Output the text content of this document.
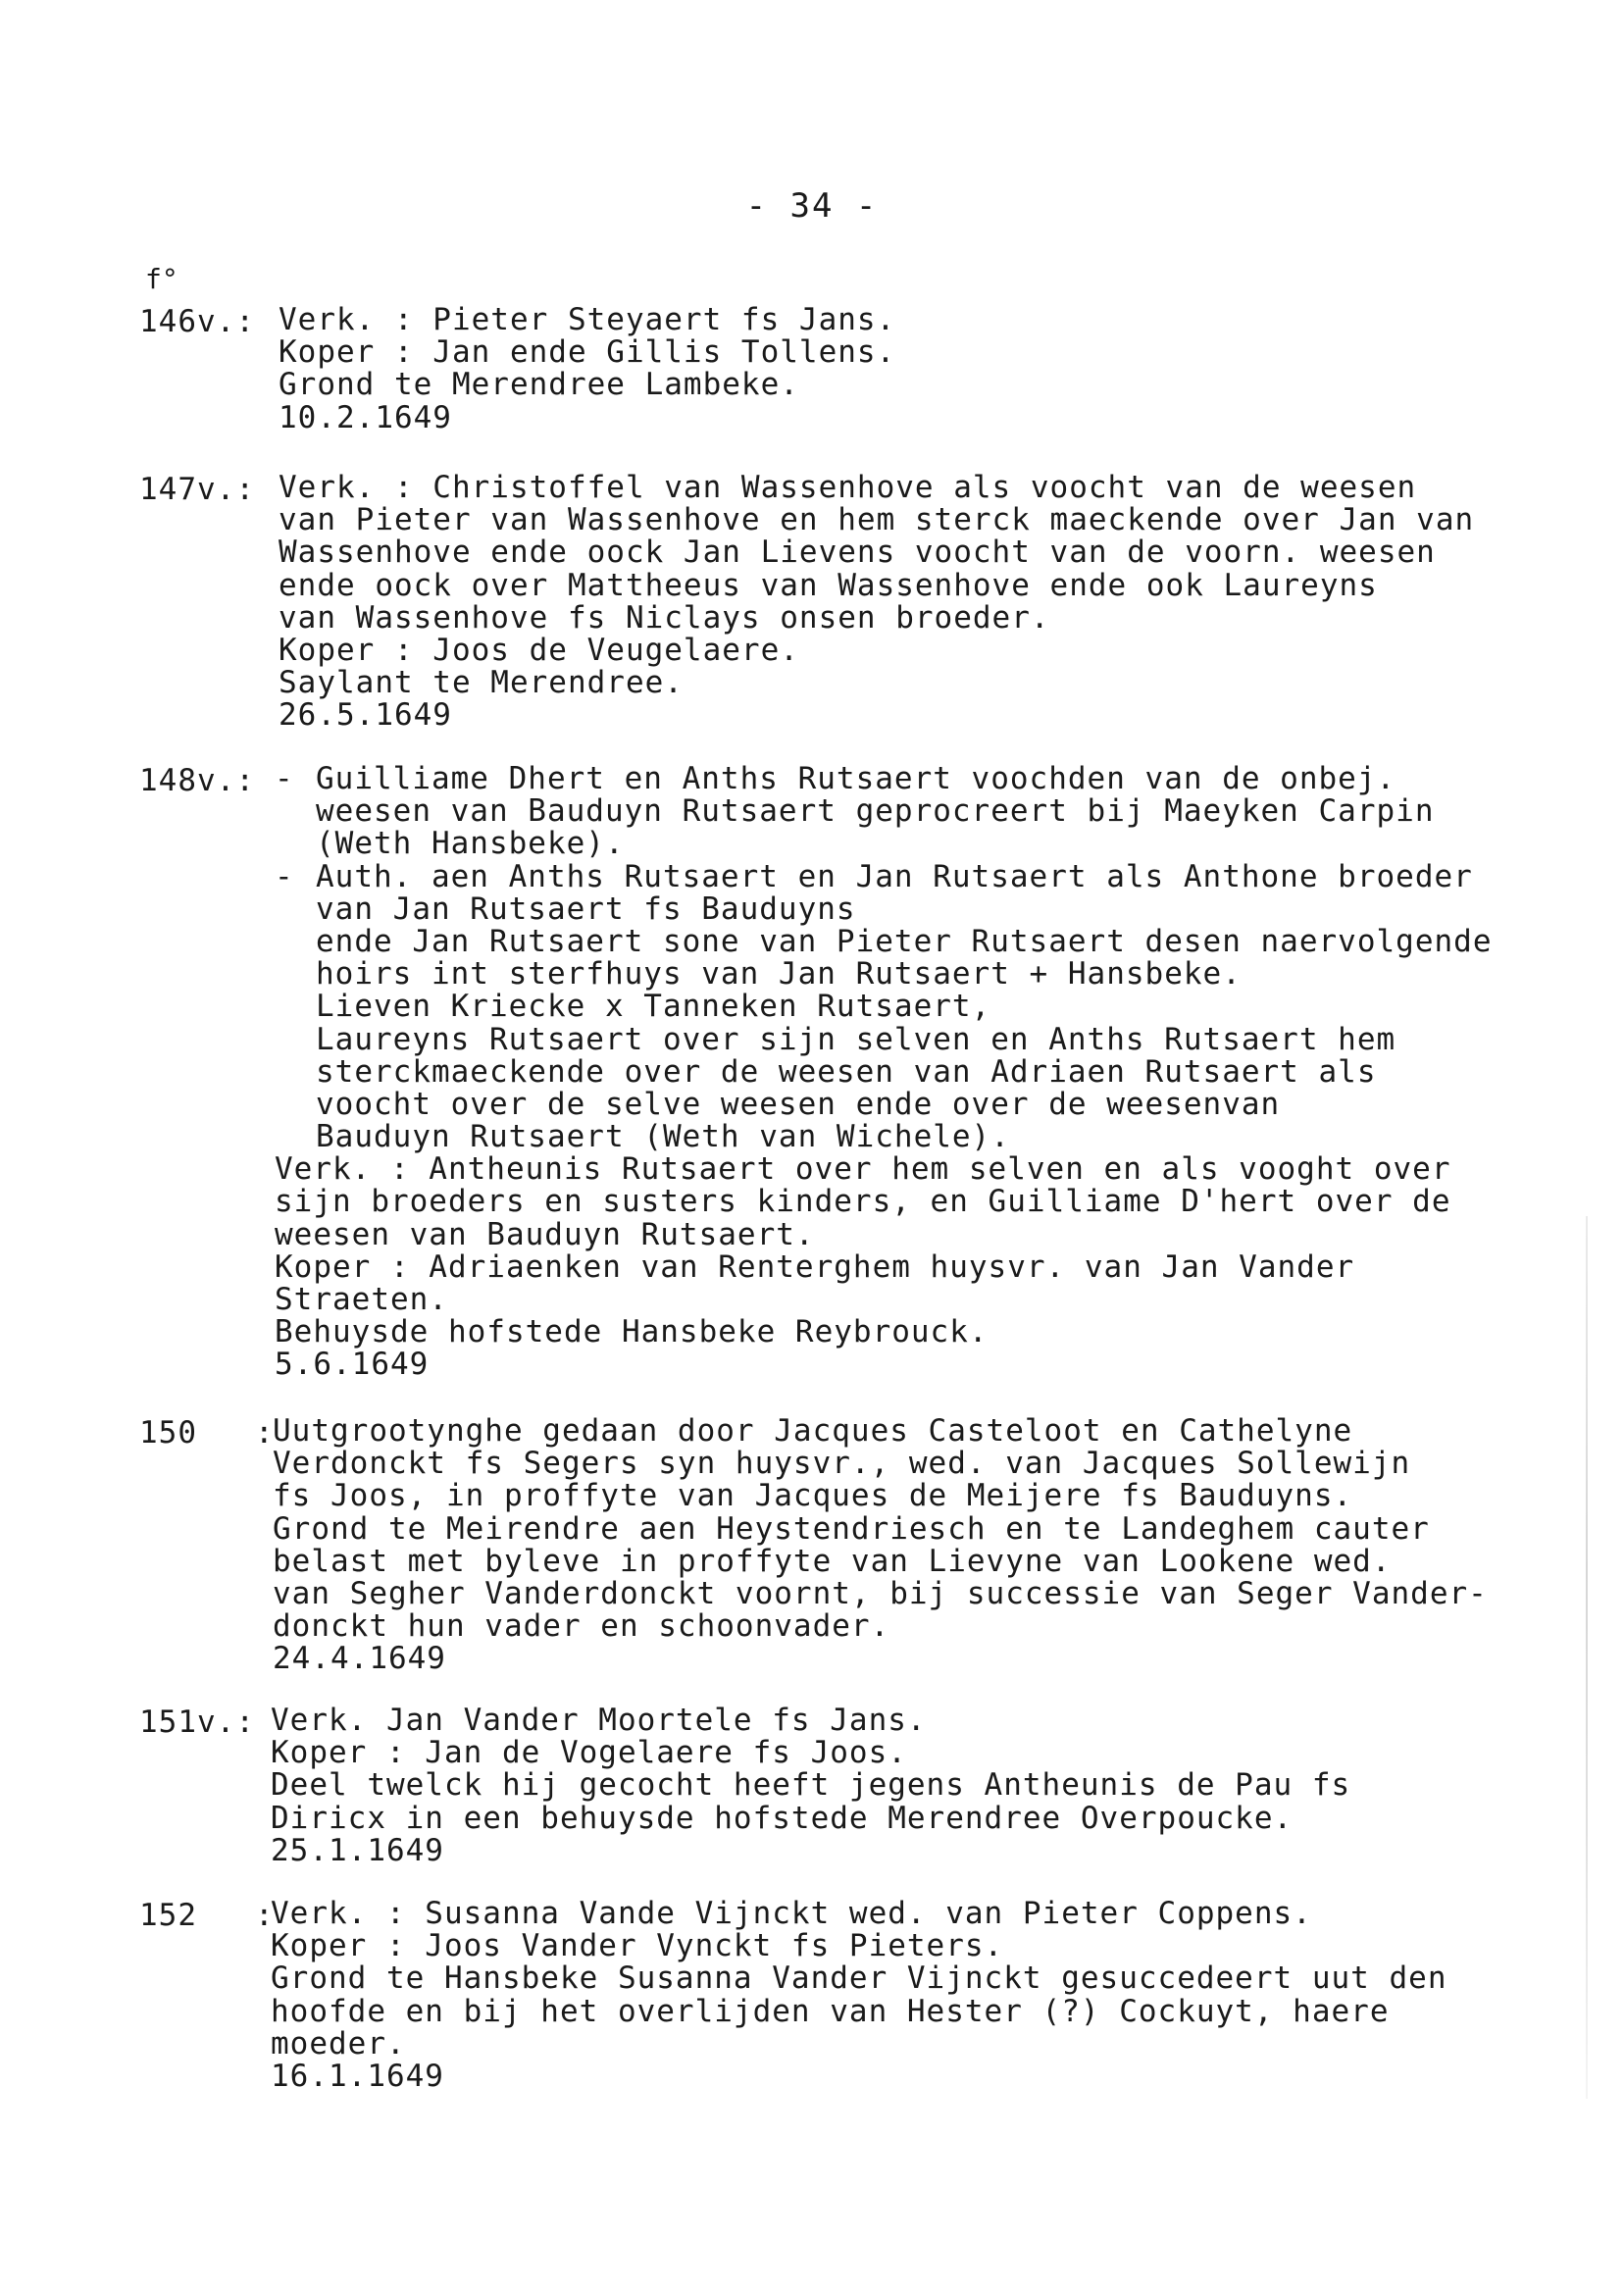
- 34 -
f°
146v.: Verk. : Pieter Steyaert fs Jans.
Koper : Jan ende Gillis Tollens.
Grond te Merendree Lambeke.
10.2.1649
147v.: Verk. : Christoffel van Wassenhove als voocht van de weesen
van Pieter van Wassenhove en hem sterck maeckende over Jan van
Wassenhove ende oock Jan Lievens voocht van de voorn. weesen
ende oock over Mattheeus van Wassenhove ende ook Laureyns
van Wassenhove fs Niclays onsen broeder.
Koper : Joos de Veugelaere.
Saylant te Merendree.
26.5.1649
148v.: - Guilliame Dhert en Anths Rutsaert voochden van de onbej.
weesen van Bauduyn Rutsaert geprocreert bij Maeyken Carpin
(Weth Hansbeke).
- Auth. aen Anths Rutsaert en Jan Rutsaert als Anthone broeder
van Jan Rutsaert fs Bauduyns
ende Jan Rutsaert sone van Pieter Rutsaert desen naervolgende
hoirs int sterfhuys van Jan Rutsaert + Hansbeke.
Lieven Kriecke x Tanneken Rutsaert,
Laureyns Rutsaert over sijn selven en Anths Rutsaert hem
sterckmaeckende over de weesen van Adriaen Rutsaert als
voocht over de selve weesen ende over de weesenvan
Bauduyn Rutsaert (Weth van Wichele).
Verk. : Antheunis Rutsaert over hem selven en als vooght over
sijn broeders en susters kinders, en Guilliame D'hert over de
weesen van Bauduyn Rutsaert.
Koper : Adriaenken van Renterghem huysvr. van Jan Vander
Straeten.
Behuysde hofstede Hansbeke Reybrouck.
5.6.1649
150   :
Uutgrootynghe gedaan door Jacques Casteloot en Cathelyne
Verdonckt fs Segers syn huysvr., wed. van Jacques Sollewijn
fs Joos, in proffyte van Jacques de Meijere fs Bauduyns.
Grond te Meirendre aen Heystendriesch en te Landeghem cauter
belast met byleve in proffyte van Lievyne van Lookene wed.
van Segher Vanderdonckt voornt, bij successie van Seger Vander-
donckt hun vader en schoonvader.
24.4.1649
151v.: Verk. Jan Vander Moortele fs Jans.
Koper : Jan de Vogelaere fs Joos.
Deel twelck hij gecocht heeft jegens Antheunis de Pau fs
Diricx in een behuysde hofstede Merendree Overpoucke.
25.1.1649
152   :
Verk. : Susanna Vande Vijnckt wed. van Pieter Coppens.
Koper : Joos Vander Vynckt fs Pieters.
Grond te Hansbeke Susanna Vander Vijnckt gesuccedeert uut den
hoofde en bij het overlijden van Hester (?) Cockuyt, haere
moeder.
16.1.1649
